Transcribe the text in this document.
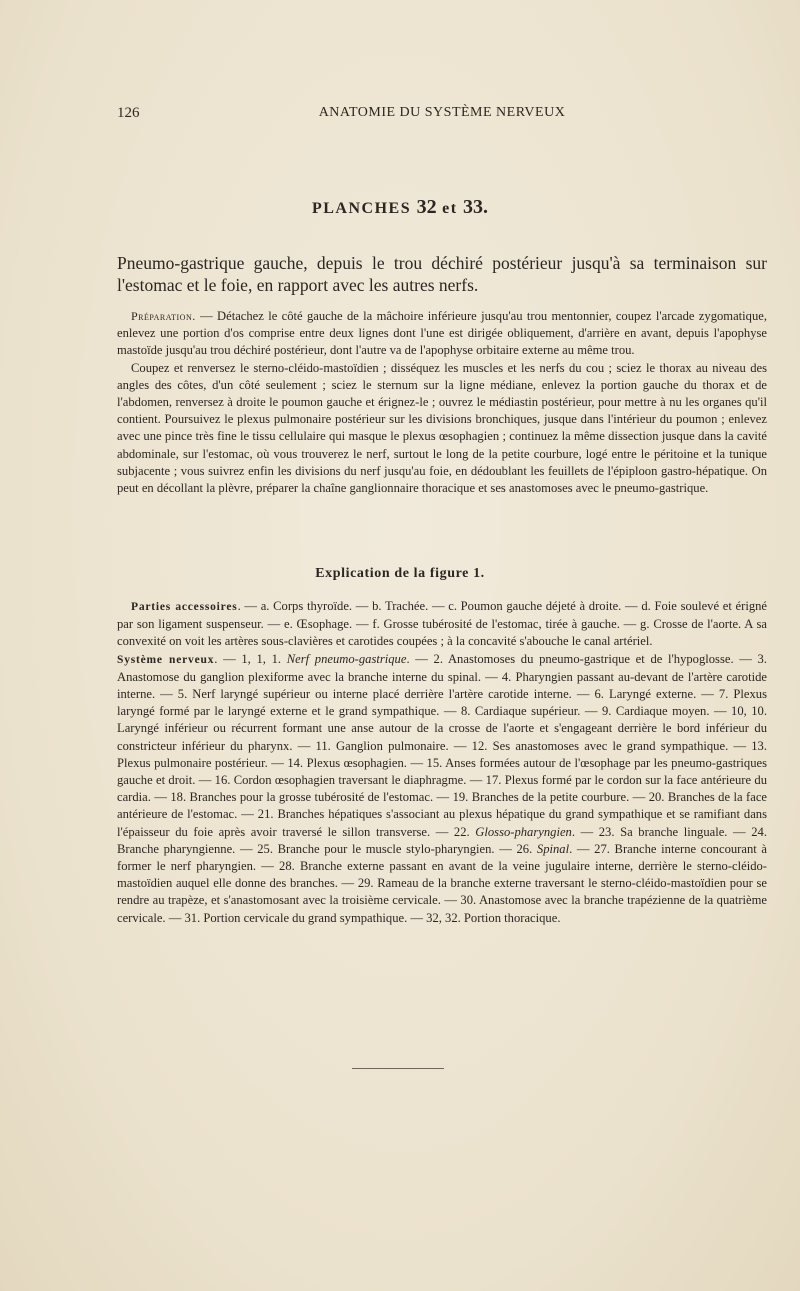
126	ANATOMIE DU SYSTÈME NERVEUX
PLANCHES 32 et 33.
Pneumo-gastrique gauche, depuis le trou déchiré postérieur jusqu'à sa terminaison sur l'estomac et le foie, en rapport avec les autres nerfs.

Préparation. — Détachez le côté gauche de la mâchoire inférieure jusqu'au trou mentonnier, coupez l'arcade zygomatique, enlevez une portion d'os comprise entre deux lignes dont l'une est dirigée obliquement, d'arrière en avant, depuis l'apophyse mastoïde jusqu'au trou déchiré postérieur, dont l'autre va de l'apophyse orbitaire externe au même trou.

Coupez et renversez le sterno-cléido-mastoïdien ; disséquez les muscles et les nerfs du cou ; sciez le thorax au niveau des angles des côtes, d'un côté seulement ; sciez le sternum sur la ligne médiane, enlevez la portion gauche du thorax et de l'abdomen, renversez à droite le poumon gauche et érignez-le ; ouvrez le médiastin postérieur, pour mettre à nu les organes qu'il contient. Poursuivez le plexus pulmonaire postérieur sur les divisions bronchiques, jusque dans l'intérieur du poumon ; enlevez avec une pince très fine le tissu cellulaire qui masque le plexus œsophagien ; continuez la même dissection jusque dans la cavité abdominale, sur l'estomac, où vous trouverez le nerf, surtout le long de la petite courbure, logé entre le péritoine et la tunique subjacente ; vous suivrez enfin les divisions du nerf jusqu'au foie, en dédoublant les feuillets de l'épiploon gastro-hépatique. On peut en décollant la plèvre, préparer la chaîne ganglionnaire thoracique et ses anastomoses avec le pneumo-gastrique.

Explication de la figure 1.

Parties accessoires. — a. Corps thyroïde. — b. Trachée. — c. Poumon gauche déjeté à droite. — d. Foie soulevé et érigné par son ligament suspenseur. — e. Œsophage. — f. Grosse tubérosité de l'estomac, tirée à gauche. — g. Crosse de l'aorte. A sa convexité on voit les artères sous-clavières et carotides coupées ; à la concavité s'abouche le canal artériel.

Système nerveux. — 1, 1, 1. Nerf pneumo-gastrique. — 2. Anastomoses du pneumo-gastrique et de l'hypoglosse. — 3. Anastomose du ganglion plexiforme avec la branche interne du spinal. — 4. Pharyngien passant au-devant de l'artère carotide interne. — 5. Nerf laryngé supérieur ou interne placé derrière l'artère carotide interne. — 6. Laryngé externe. — 7. Plexus laryngé formé par le laryngé externe et le grand sympathique. — 8. Cardiaque supérieur. — 9. Cardiaque moyen. — 10, 10. Laryngé inférieur ou récurrent formant une anse autour de la crosse de l'aorte et s'engageant derrière le bord inférieur du constricteur inférieur du pharynx. — 11. Ganglion pulmonaire. — 12. Ses anastomoses avec le grand sympathique. — 13. Plexus pulmonaire postérieur. — 14. Plexus œsophagien. — 15. Anses formées autour de l'œsophage par les pneumo-gastriques gauche et droit. — 16. Cordon œsophagien traversant le diaphragme. — 17. Plexus formé par le cordon sur la face antérieure du cardia. — 18. Branches pour la grosse tubérosité de l'estomac. — 19. Branches de la petite courbure. — 20. Branches de la face antérieure de l'estomac. — 21. Branches hépatiques s'associant au plexus hépatique du grand sympathique et se ramifiant dans l'épaisseur du foie après avoir traversé le sillon transverse. — 22. Glosso-pharyngien. — 23. Sa branche linguale. — 24. Branche pharyngienne. — 25. Branche pour le muscle stylo-pharyngien. — 26. Spinal. — 27. Branche interne concourant à former le nerf pharyngien. — 28. Branche externe passant en avant de la veine jugulaire interne, derrière le sterno-cléido-mastoïdien auquel elle donne des branches. — 29. Rameau de la branche externe traversant le sterno-cléido-mastoïdien pour se rendre au trapèze, et s'anastomosant avec la troisième cervicale. — 30. Anastomose avec la branche trapézienne de la quatrième cervicale. — 31. Portion cervicale du grand sympathique. — 32, 32. Portion thoracique.
